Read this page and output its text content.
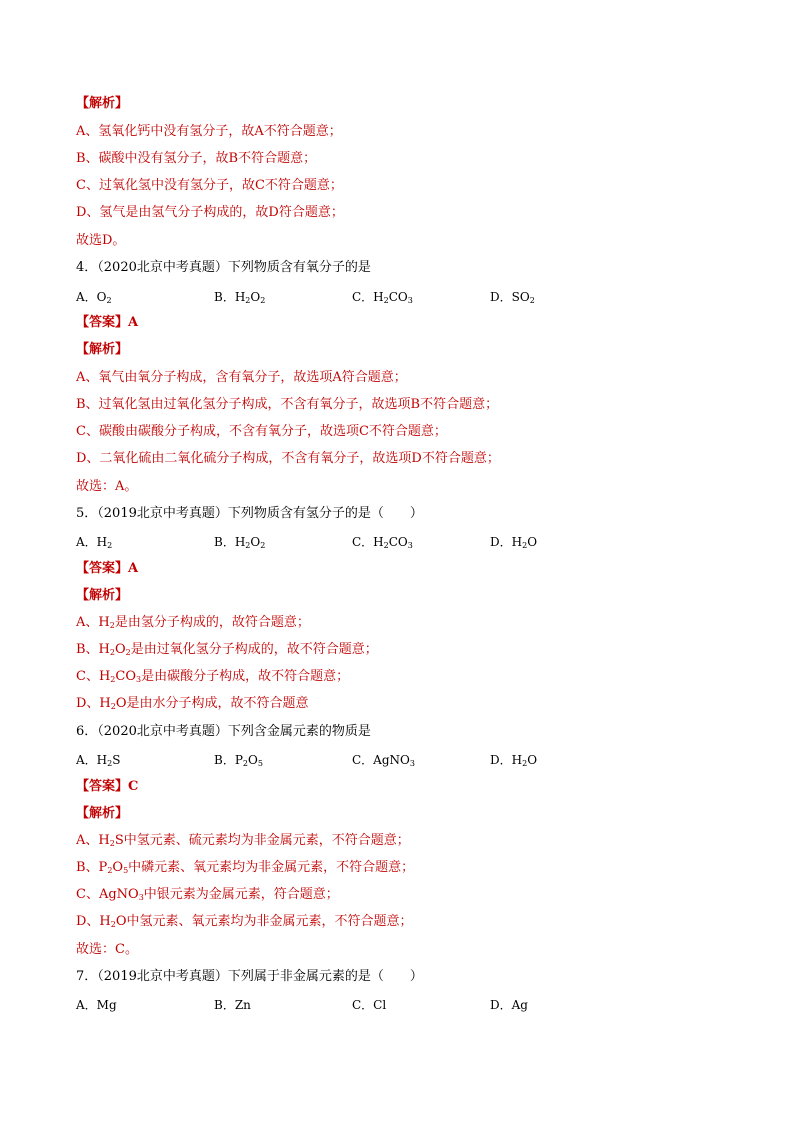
【解析】
A、氢氧化钙中没有氢分子，故A不符合题意；
B、碳酸中没有氢分子，故B不符合题意；
C、过氧化氢中没有氢分子，故C不符合题意；
D、氢气是由氢气分子构成的，故D符合题意；
故选D。
4．（2020北京中考真题）下列物质含有氧分子的是
A．$O_2$	B．$H_2O_2$	C．$H_2CO_3$	D．$SO_2$
【答案】A
【解析】
A、氧气由氧分子构成，含有氧分子，故选项A符合题意；
B、过氧化氢由过氧化氢分子构成，不含有氧分子，故选项B不符合题意；
C、碳酸由碳酸分子构成，不含有氧分子，故选项C不符合题意；
D、二氧化硫由二氧化硫分子构成，不含有氧分子，故选项D不符合题意；
故选：A。
5．（2019北京中考真题）下列物质含有氢分子的是（　　）
A．$H_2$	B．$H_2O_2$	C．$H_2CO_3$	D．$H_2O$
【答案】A
【解析】
A、$H_2$是由氢分子构成的，故符合题意；
B、$H_2O_2$是由过氧化氢分子构成的，故不符合题意；
C、$H_2CO_3$是由碳酸分子构成，故不符合题意；
D、$H_2O$是由水分子构成，故不符合题意
6．（2020北京中考真题）下列含金属元素的物质是
A．$H_2S$	B．$P_2O_5$	C．AgNO$_3$	D．$H_2O$
【答案】C
【解析】
A、$H_2S$中氢元素、硫元素均为非金属元素，不符合题意；
B、$P_2O_5$中磷元素、氧元素均为非金属元素，不符合题意；
C、AgNO$_3$中银元素为金属元素，符合题意；
D、$H_2O$中氢元素、氧元素均为非金属元素，不符合题意；
故选：C。
7．（2019北京中考真题）下列属于非金属元素的是（　　）
A．Mg	B．Zn	C．Cl	D．Ag
